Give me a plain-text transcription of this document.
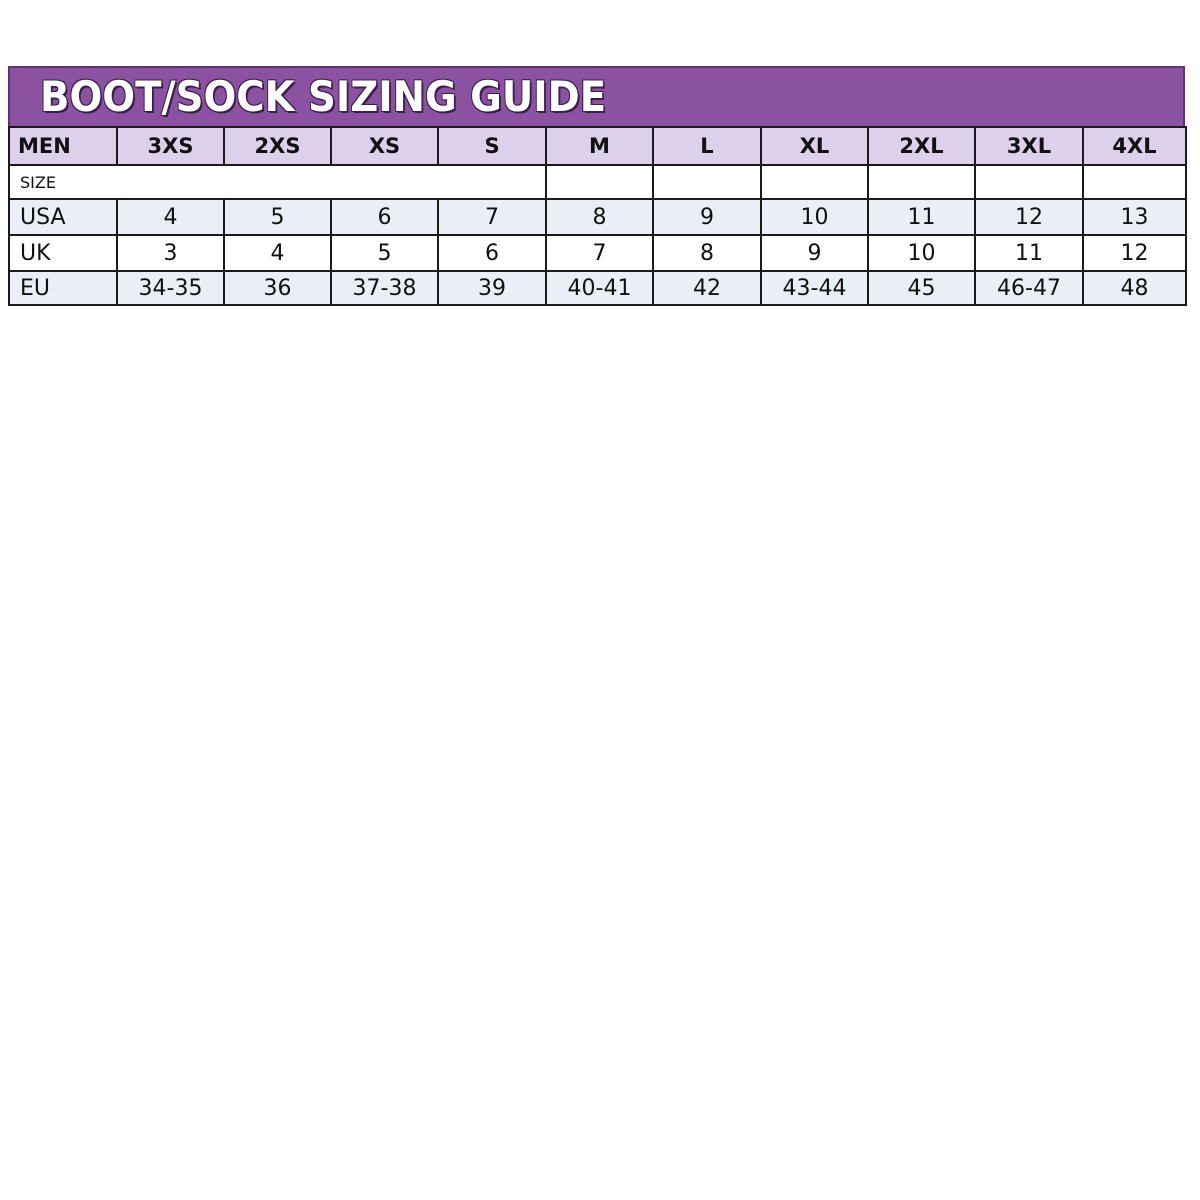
BOOT/SOCK SIZING GUIDE
MEN	3XS	2XS	XS	S	M	L	XL	2XL	3XL	4XL
SIZE										
USA	4	5	6	7	8	9	10	11	12	13
UK	3	4	5	6	7	8	9	10	11	12
EU	34-35	36	37-38	39	40-41	42	43-44	45	46-47	48
